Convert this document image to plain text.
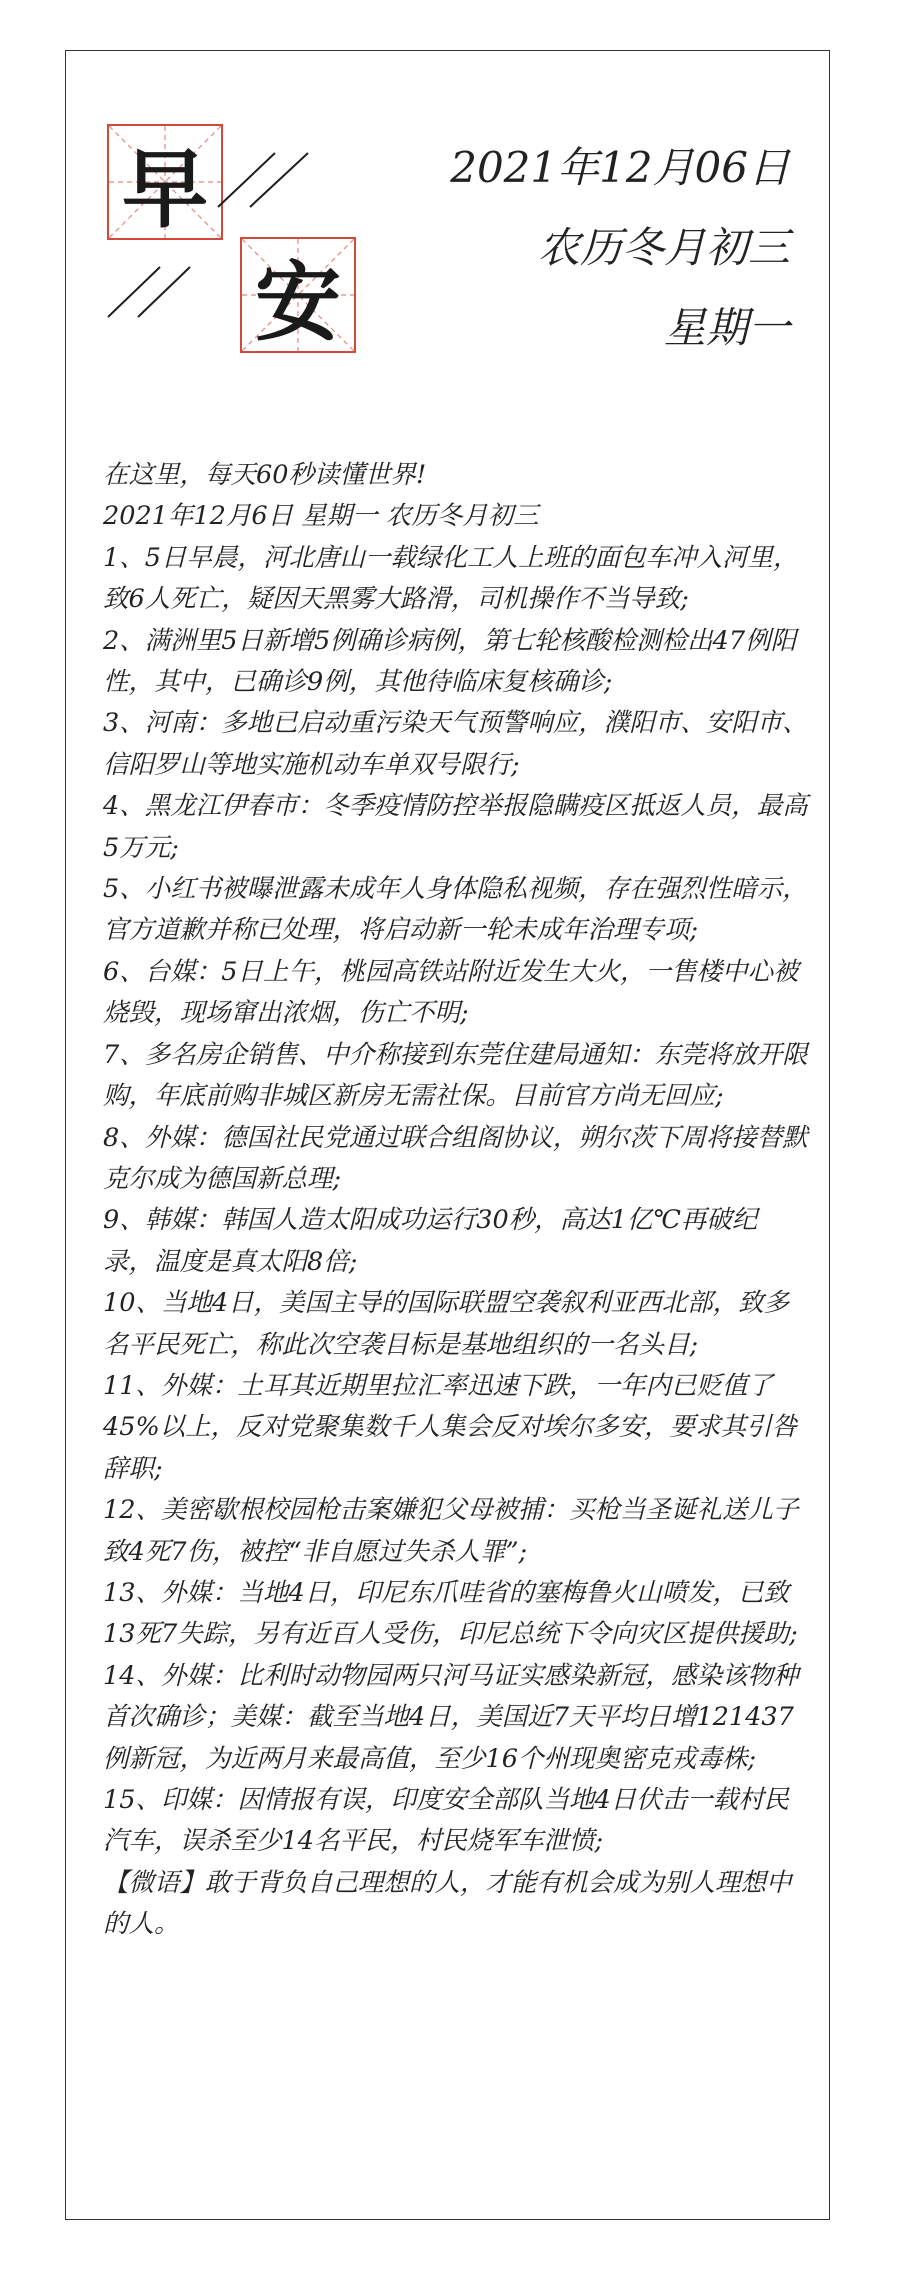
早
安
2021年12月06日
农历冬月初三
星期一

在这里，每天60秒读懂世界!

2021年12月6日 星期一 农历冬月初三

1、5日早晨，河北唐山一载绿化工人上班的面包车冲入河里，致6人死亡，疑因天黑雾大路滑，司机操作不当导致;

2、满洲里5日新增5例确诊病例，第七轮核酸检测检出47例阳性，其中，已确诊9例，其他待临床复核确诊;

3、河南：多地已启动重污染天气预警响应，濮阳市、安阳市、信阳罗山等地实施机动车单双号限行;

4、黑龙江伊春市：冬季疫情防控举报隐瞒疫区抵返人员，最高5万元;

5、小红书被曝泄露未成年人身体隐私视频，存在强烈性暗示，官方道歉并称已处理，将启动新一轮未成年治理专项;

6、台媒：5日上午，桃园高铁站附近发生大火，一售楼中心被烧毁，现场窜出浓烟，伤亡不明;

7、多名房企销售、中介称接到东莞住建局通知：东莞将放开限购，年底前购非城区新房无需社保。目前官方尚无回应;

8、外媒：德国社民党通过联合组阁协议，朔尔茨下周将接替默克尔成为德国新总理;

9、韩媒：韩国人造太阳成功运行30秒，高达1亿℃再破纪录，温度是真太阳8倍;

10、当地4日，美国主导的国际联盟空袭叙利亚西北部，致多名平民死亡，称此次空袭目标是基地组织的一名头目;

11、外媒：土耳其近期里拉汇率迅速下跌，一年内已贬值了45%以上，反对党聚集数千人集会反对埃尔多安，要求其引咎辞职;

12、美密歇根校园枪击案嫌犯父母被捕：买枪当圣诞礼送儿子致4死7伤，被控“非自愿过失杀人罪”;

13、外媒：当地4日，印尼东爪哇省的塞梅鲁火山喷发，已致13死7失踪，另有近百人受伤，印尼总统下令向灾区提供援助;

14、外媒：比利时动物园两只河马证实感染新冠，感染该物种首次确诊；美媒：截至当地4日，美国近7天平均日增121437例新冠，为近两月来最高值，至少16个州现奥密克戎毒株;

15、印媒：因情报有误，印度安全部队当地4日伏击一载村民汽车，误杀至少14名平民，村民烧军车泄愤;

【微语】敢于背负自己理想的人，才能有机会成为别人理想中的人。
